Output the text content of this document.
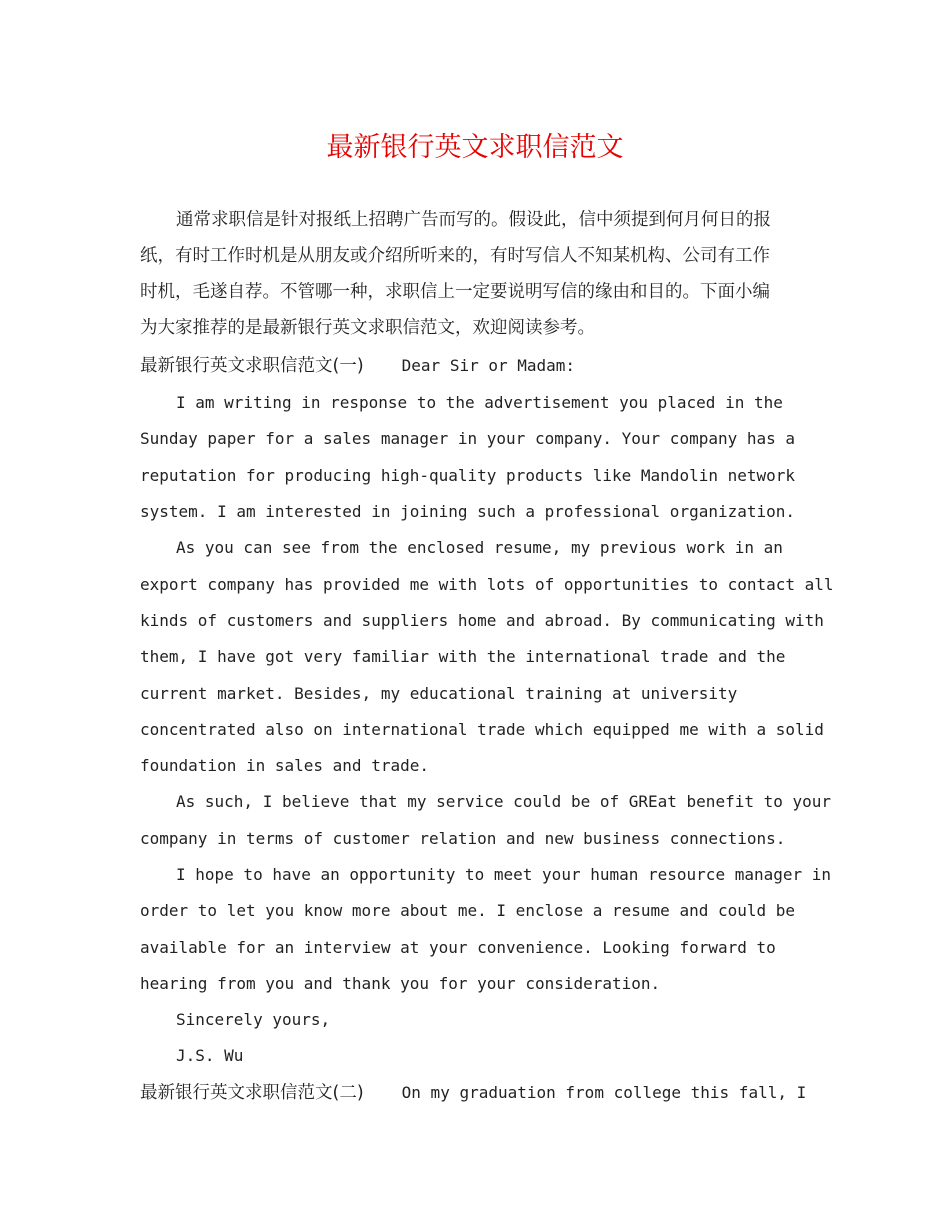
最新银行英文求职信范文
通常求职信是针对报纸上招聘广告而写的。假设此，信中须提到何月何日的报
纸，有时工作时机是从朋友或介绍所听来的，有时写信人不知某机构、公司有工作
时机，毛遂自荐。不管哪一种，求职信上一定要说明写信的缘由和目的。下面小编
为大家推荐的是最新银行英文求职信范文，欢迎阅读参考。
最新银行英文求职信范文(一) Dear Sir or Madam:
I am writing in response to the advertisement you placed in the
Sunday paper for a sales manager in your company. Your company has a
reputation for producing high-quality products like Mandolin network
system. I am interested in joining such a professional organization.
As you can see from the enclosed resume, my previous work in an
export company has provided me with lots of opportunities to contact all
kinds of customers and suppliers home and abroad. By communicating with
them, I have got very familiar with the international trade and the
current market. Besides, my educational training at university
concentrated also on international trade which equipped me with a solid
foundation in sales and trade.
As such, I believe that my service could be of GREat benefit to your
company in terms of customer relation and new business connections.
I hope to have an opportunity to meet your human resource manager in
order to let you know more about me. I enclose a resume and could be
available for an interview at your convenience. Looking forward to
hearing from you and thank you for your consideration.
Sincerely yours,
J.S. Wu
最新银行英文求职信范文(二) On my graduation from college this fall, I
